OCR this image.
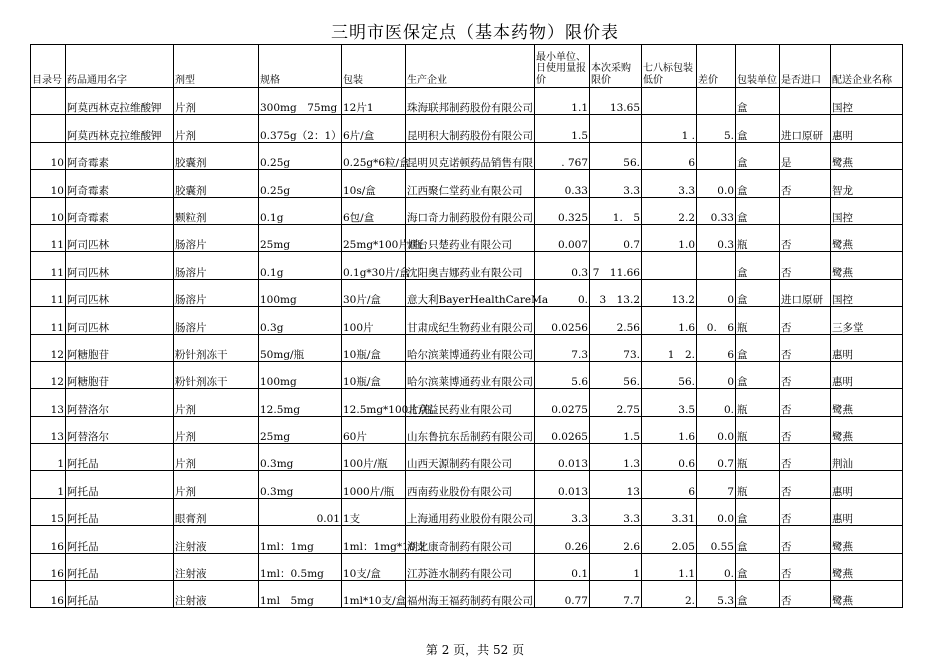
三明市医保定点（基本药物）限价表
目录号	药品通用名字	剂型	规格	包装	生产企业	最小单位、日使用量报价	本次采购限价	七八标包装低价	差价	包装单位	是否进口	配送企业名称
	阿莫西林克拉维酸钾	片剂	300mg　75mg	12片1	珠海联邦制药股份有限公司	1.1	13.65			盒		国控
	阿莫西林克拉维酸钾	片剂	0.375g（2：1）	6片/盒	昆明积大制药股份有限公司	1.5		1 .	5.	盒	进口原研	惠明
10	阿奇霉素	胶囊剂	0.25g	0.25g*6粒/盒	昆明贝克诺顿药品销售有限	. 767	56.	6		盒	是	鹭燕
10	阿奇霉素	胶囊剂	0.25g	10s/盒	江西聚仁堂药业有限公司	0.33	3.3	3.3	0.0	盒	否	智龙
10	阿奇霉素	颗粒剂	0.1g	6包/盒	海口奇力制药股份有限公司	0.325	1.　5	2.2	0.33	盒		国控
11	阿司匹林	肠溶片	25mg	25mg*100片/瓶	烟台只楚药业有限公司	0.007	0.7	1.0	0.3	瓶	否	鹭燕
11	阿司匹林	肠溶片	0.1g	0.1g*30片/盒	沈阳奥吉娜药业有限公司	0.3	7　11.66			盒	否	鹭燕
11	阿司匹林	肠溶片	100mg	30片/盒	意大利BayerHealthCareMa	0.	3　13.2	13.2	0	盒	进口原研	国控
11	阿司匹林	肠溶片	0.3g	100片	甘肃成纪生物药业有限公司	0.0256	2.56	1.6	0.　6	瓶	否	三多堂
12	阿糖胞苷	粉针剂冻干	50mg/瓶	10瓶/盒	哈尔滨莱博通药业有限公司	7.3	73.	1　2.	6	盒	否	惠明
12	阿糖胞苷	粉针剂冻干	100mg	10瓶/盒	哈尔滨莱博通药业有限公司	5.6	56.	56.	0	盒	否	惠明
13	阿替洛尔	片剂	12.5mg	12.5mg*100片/瓶	北京益民药业有限公司	0.0275	2.75	3.5	0.	瓶	否	鹭燕
13	阿替洛尔	片剂	25mg	60片	山东鲁抗东岳制药有限公司	0.0265	1.5	1.6	0.0	瓶	否	鹭燕
1	阿托品	片剂	0.3mg	100片/瓶	山西天源制药有限公司	0.013	1.3	0.6	0.7	瓶	否	荆汕
1	阿托品	片剂	0.3mg	1000片/瓶	西南药业股份有限公司	0.013	13	6	7	瓶	否	惠明
15	阿托品	眼膏剂	0.01	1支	上海通用药业股份有限公司	3.3	3.3	3.31	0.0	盒	否	惠明
16	阿托品	注射液	1ml：1mg	1ml：1mg*10支	湖北康奇制药有限公司	0.26	2.6	2.05	0.55	盒	否	鹭燕
16	阿托品	注射液	1ml：0.5mg	10支/盒	江苏涟水制药有限公司	0.1	1	1.1	0.	盒	否	鹭燕
16	阿托品	注射液	1ml　5mg	1ml*10支/盒	福州海王福药制药有限公司	0.77	7.7	2.	5.3	盒	否	鹭燕
第 2 页，共 52 页
